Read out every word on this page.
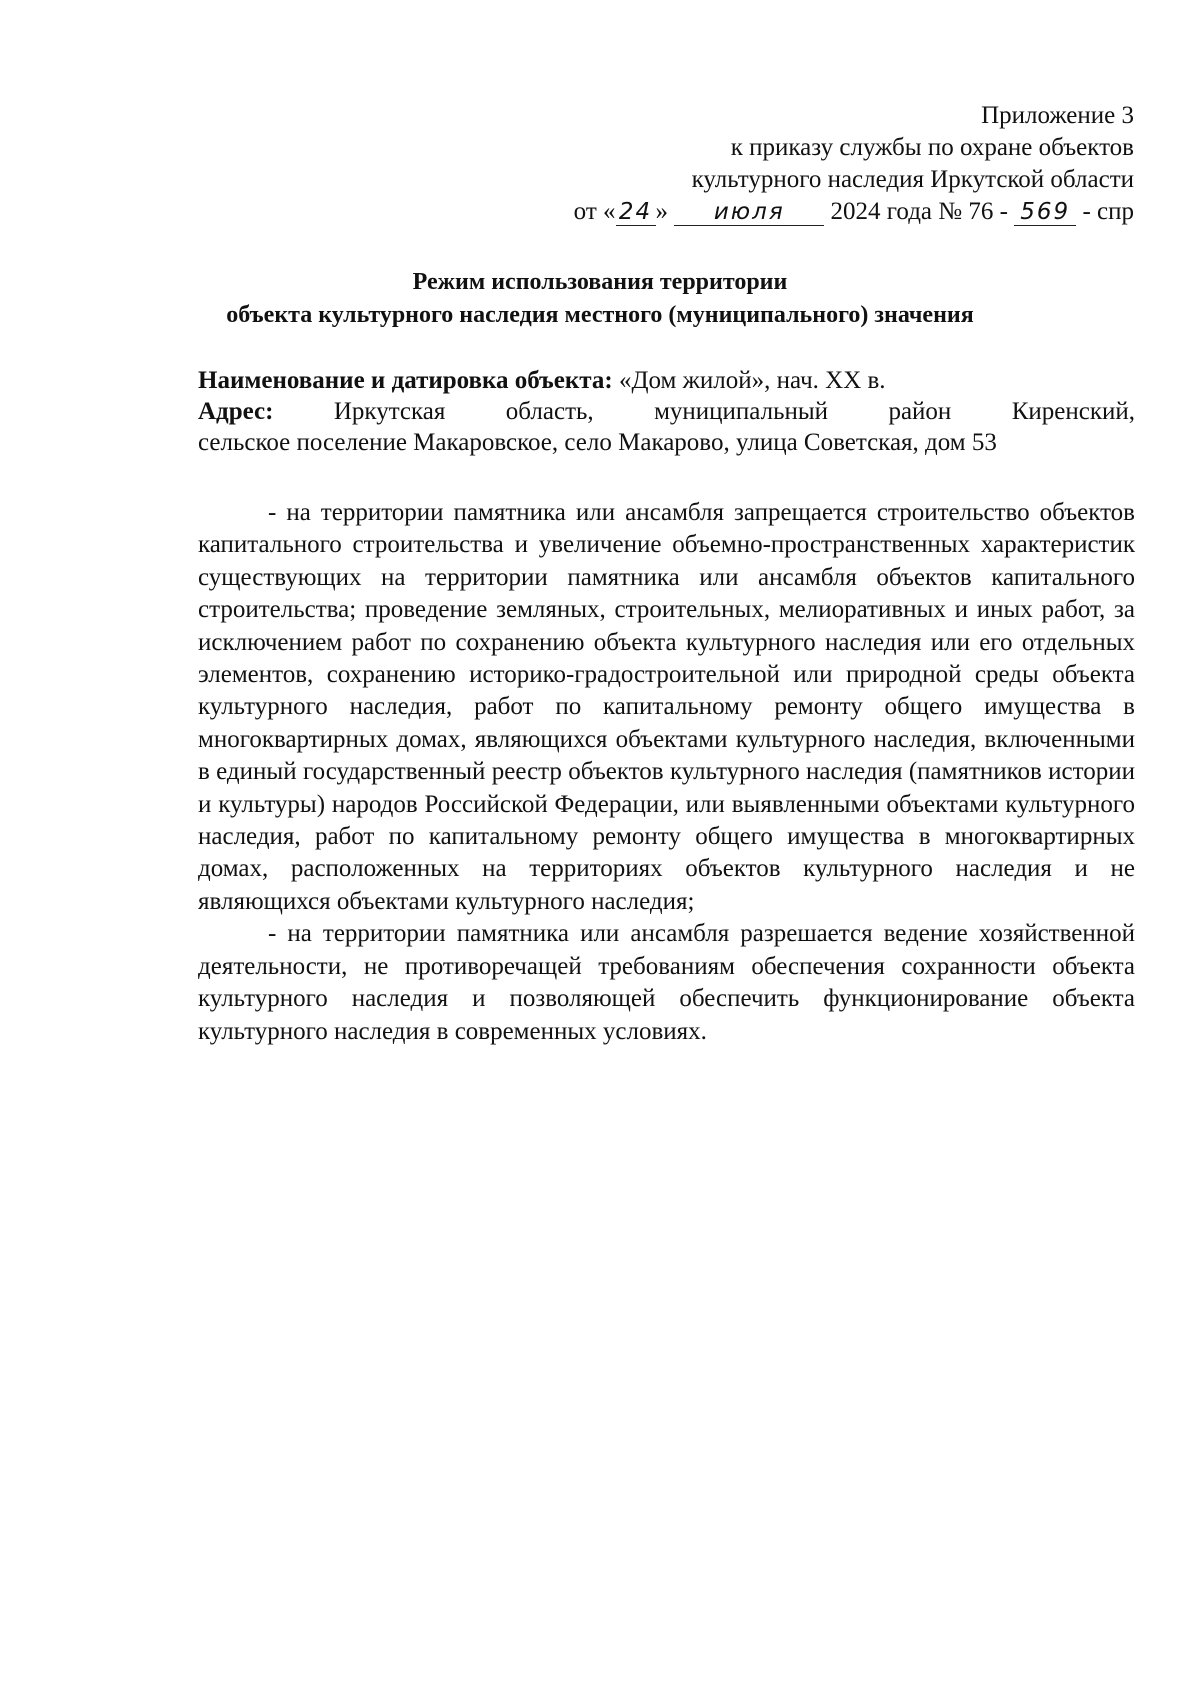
Приложение 3
к приказу службы по охране объектов
культурного наследия Иркутской области
от « 24 » июля 2024 года № 76 - 569 - спр
Режим использования территории
объекта культурного наследия местного (муниципального) значения
Наименование и датировка объекта: «Дом жилой», нач. XX в.
Адрес: Иркутская область, муниципальный район Киренский,
сельское поселение Макаровское, село Макарово, улица Советская, дом 53

- на территории памятника или ансамбля запрещается строительство объектов капитального строительства и увеличение объемно-пространственных характеристик существующих на территории памятника или ансамбля объектов капитального строительства; проведение земляных, строительных, мелиоративных и иных работ, за исключением работ по сохранению объекта культурного наследия или его отдельных элементов, сохранению историко-градостроительной или природной среды объекта культурного наследия, работ по капитальному ремонту общего имущества в многоквартирных домах, являющихся объектами культурного наследия, включенными в единый государственный реестр объектов культурного наследия (памятников истории и культуры) народов Российской Федерации, или выявленными объектами культурного наследия, работ по капитальному ремонту общего имущества в многоквартирных домах, расположенных на территориях объектов культурного наследия и не являющихся объектами культурного наследия;

- на территории памятника или ансамбля разрешается ведение хозяйственной деятельности, не противоречащей требованиям обеспечения сохранности объекта культурного наследия и позволяющей обеспечить функционирование объекта культурного наследия в современных условиях.
